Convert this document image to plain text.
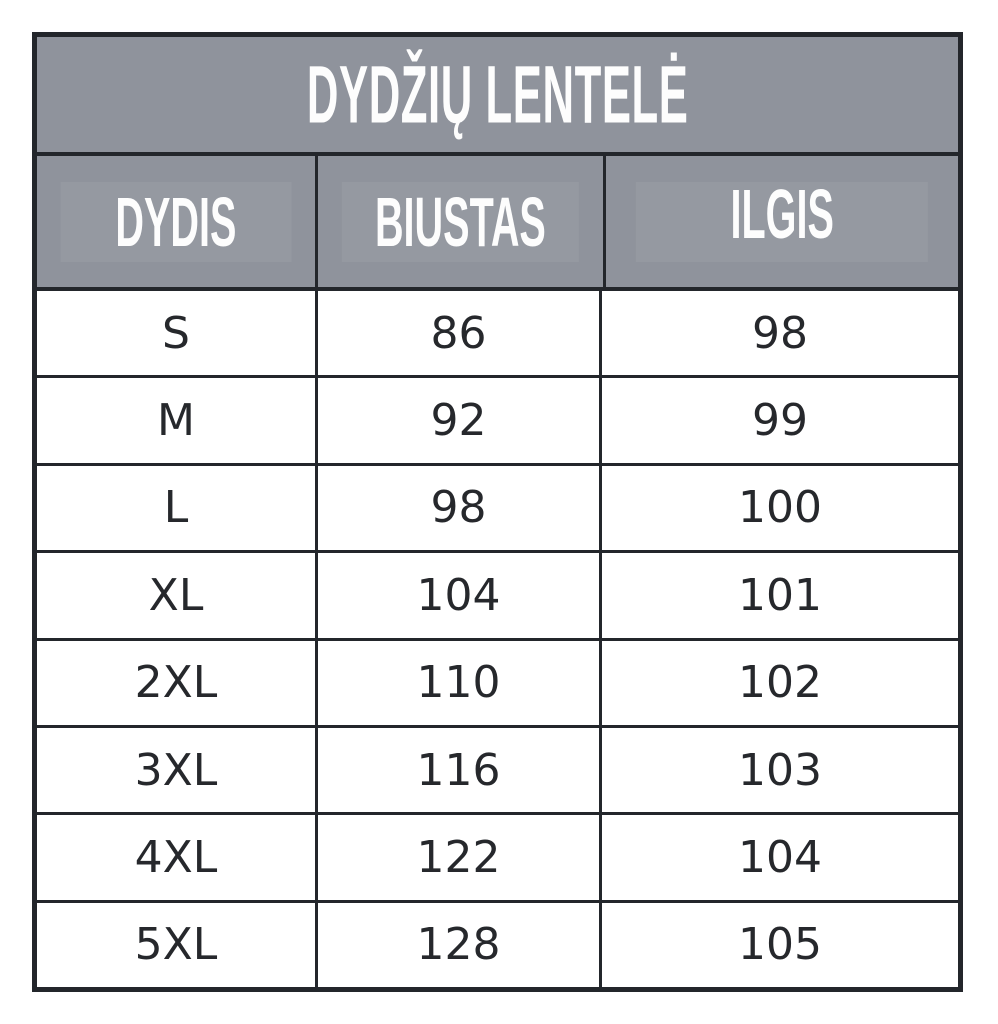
DYDŽIŲ LENTELĖ
DYDIS BIUSTAS	ILGIS
S	86	98
M	92	99
L	98	100
XL	104	101
2XL	110	102
3XL	116	103
4XL	122	104
5XL	128	105
